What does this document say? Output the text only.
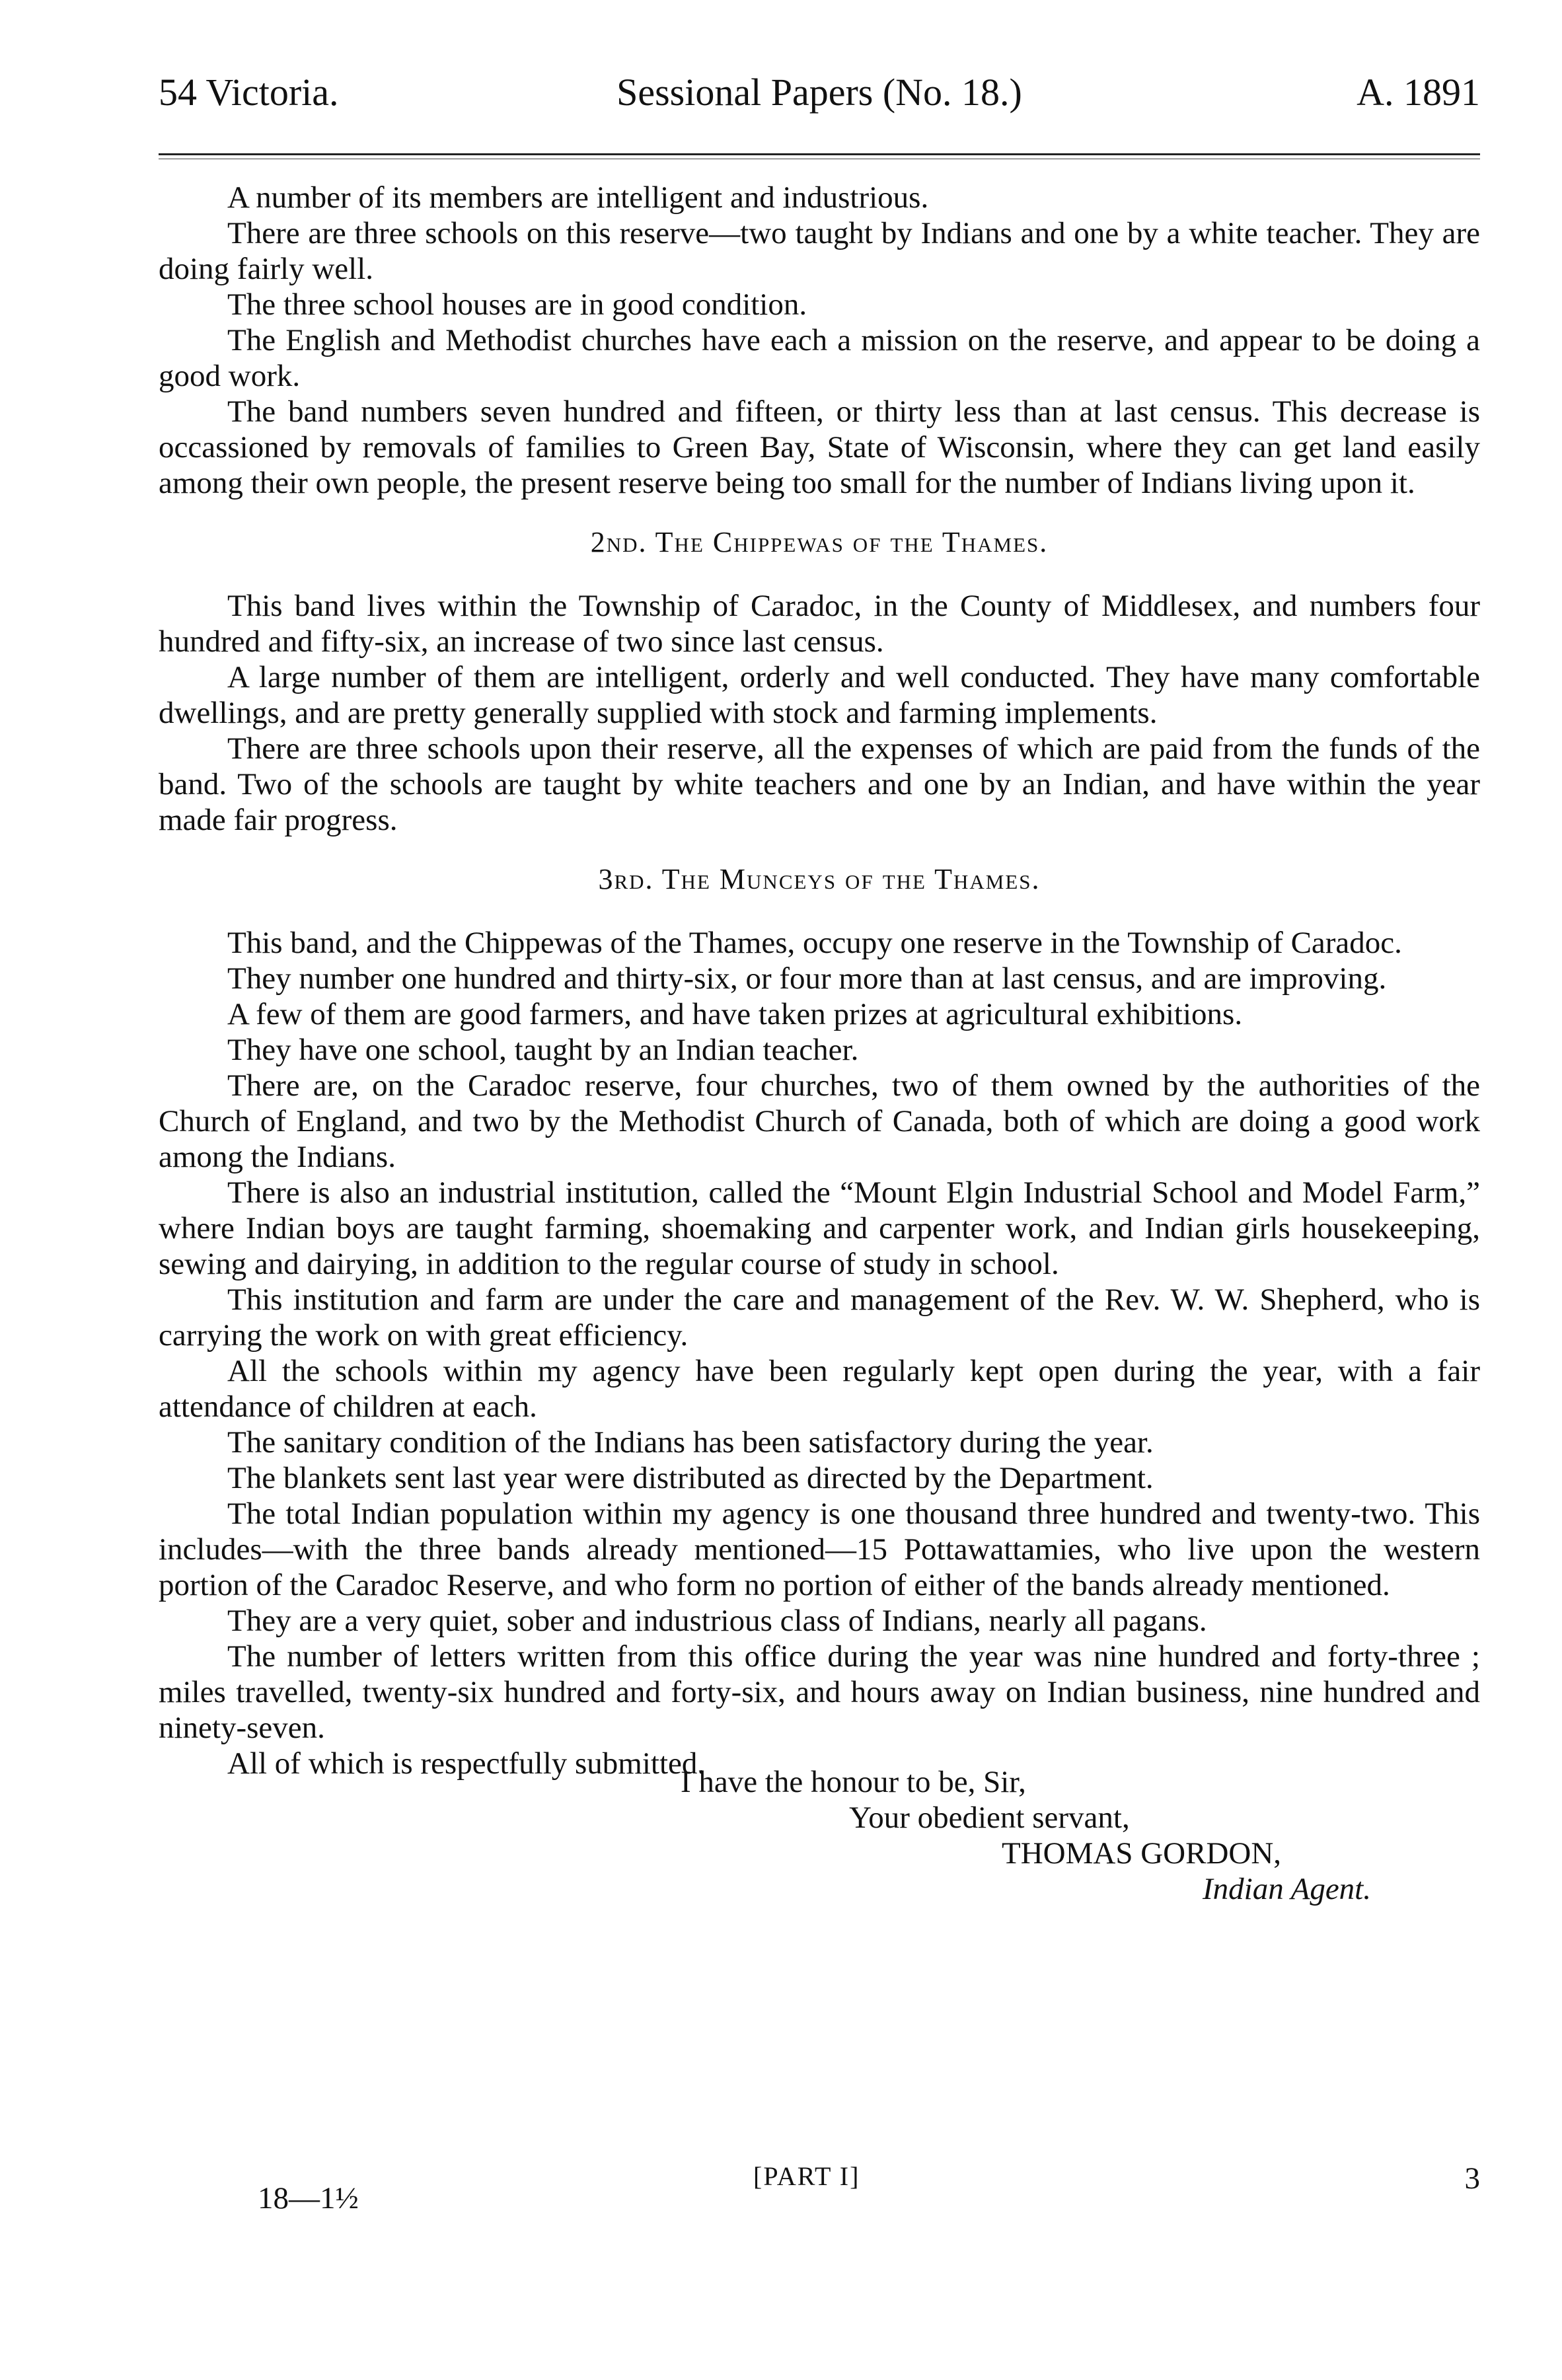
54 Victoria.	Sessional Papers (No. 18.)	A. 1891

A number of its members are intelligent and industrious.

There are three schools on this reserve—two taught by Indians and one by a white teacher. They are doing fairly well.

The three school houses are in good condition.

The English and Methodist churches have each a mission on the reserve, and appear to be doing a good work.

The band numbers seven hundred and fifteen, or thirty less than at last census. This decrease is occassioned by removals of families to Green Bay, State of Wisconsin, where they can get land easily among their own people, the present reserve being too small for the number of Indians living upon it.

2nd. The Chippewas of the Thames.

This band lives within the Township of Caradoc, in the County of Middlesex, and numbers four hundred and fifty-six, an increase of two since last census.

A large number of them are intelligent, orderly and well conducted. They have many comfortable dwellings, and are pretty generally supplied with stock and farming implements.

There are three schools upon their reserve, all the expenses of which are paid from the funds of the band. Two of the schools are taught by white teachers and one by an Indian, and have within the year made fair progress.

3rd. The Munceys of the Thames.

This band, and the Chippewas of the Thames, occupy one reserve in the Township of Caradoc.

They number one hundred and thirty-six, or four more than at last census, and are improving.

A few of them are good farmers, and have taken prizes at agricultural exhibitions.

They have one school, taught by an Indian teacher.

There are, on the Caradoc reserve, four churches, two of them owned by the authorities of the Church of England, and two by the Methodist Church of Canada, both of which are doing a good work among the Indians.

There is also an industrial institution, called the “Mount Elgin Industrial School and Model Farm,” where Indian boys are taught farming, shoemaking and carpenter work, and Indian girls housekeeping, sewing and dairying, in addition to the regular course of study in school.

This institution and farm are under the care and management of the Rev. W. W. Shepherd, who is carrying the work on with great efficiency.

All the schools within my agency have been regularly kept open during the year, with a fair attendance of children at each.

The sanitary condition of the Indians has been satisfactory during the year.

The blankets sent last year were distributed as directed by the Department.

The total Indian population within my agency is one thousand three hundred and twenty-two. This includes—with the three bands already mentioned—15 Pottawattamies, who live upon the western portion of the Caradoc Reserve, and who form no portion of either of the bands already mentioned.

They are a very quiet, sober and industrious class of Indians, nearly all pagans.

The number of letters written from this office during the year was nine hundred and forty-three ; miles travelled, twenty-six hundred and forty-six, and hours away on Indian business, nine hundred and ninety-seven.

All of which is respectfully submitted.

I have the honour to be, Sir,
Your obedient servant,
THOMAS GORDON,
Indian Agent.
18—1½
[PART I]	3
